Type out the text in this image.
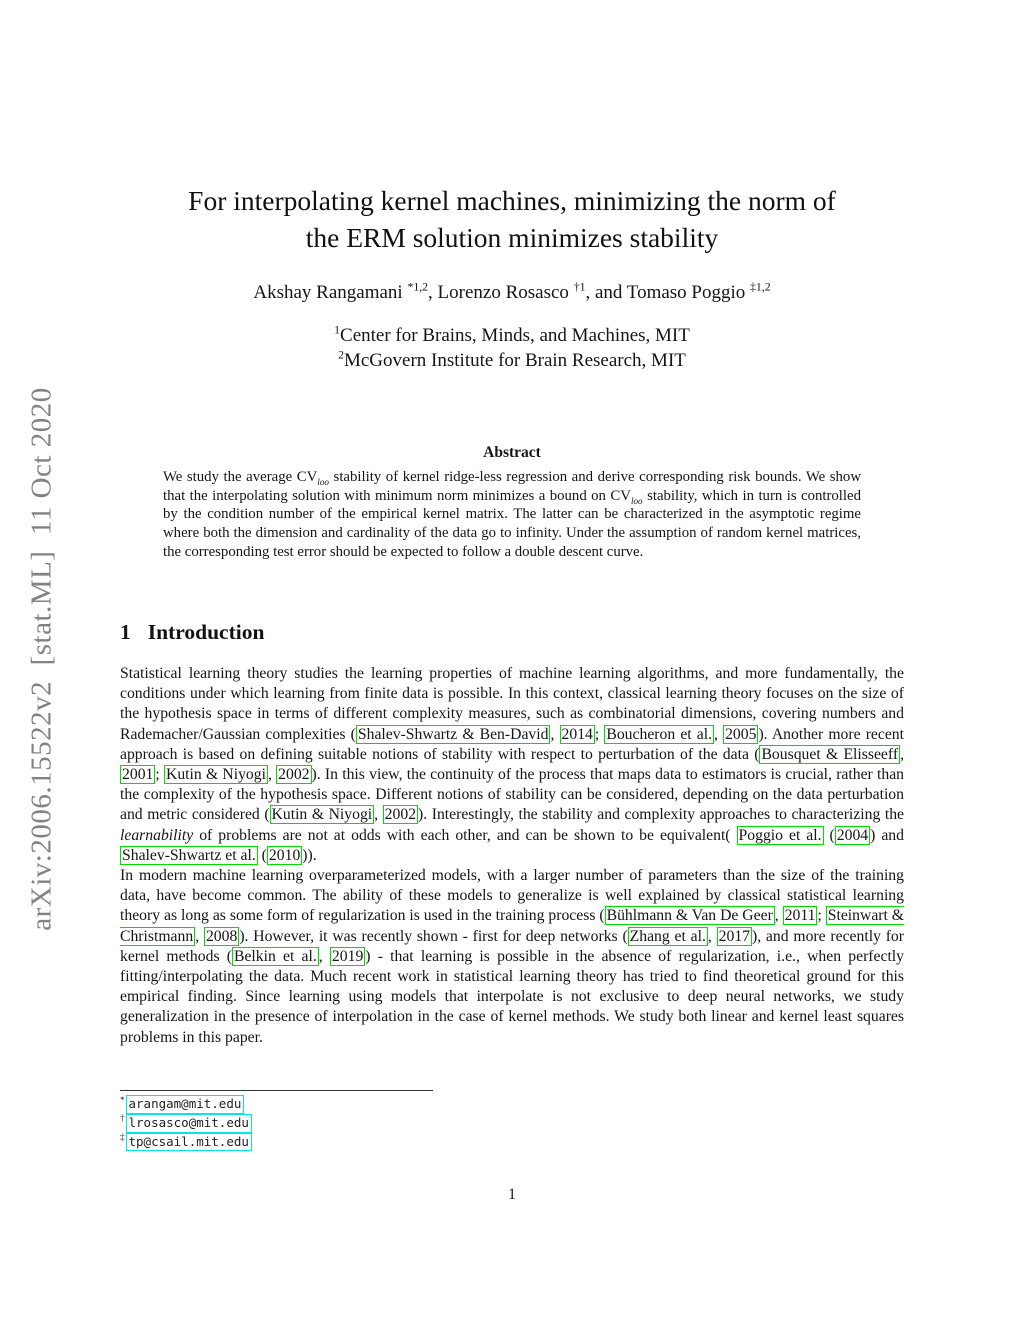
arXiv:2006.15522v2  [stat.ML]  11 Oct 2020
For interpolating kernel machines, minimizing the norm of
the ERM solution minimizes stability
Akshay Rangamani $^{*1,2}$, Lorenzo Rosasco $^{\dagger 1}$, and Tomaso Poggio $^{\ddagger 1,2}$
$^1$Center for Brains, Minds, and Machines, MIT
$^2$McGovern Institute for Brain Research, MIT
Abstract
We study the average $CV_{loo}$ stability of kernel ridge-less regression and derive corresponding risk bounds. We show that the interpolating solution with minimum norm minimizes a bound on $CV_{loo}$ stability, which in turn is controlled by the condition number of the empirical kernel matrix. The latter can be characterized in the asymptotic regime where both the dimension and cardinality of the data go to infinity. Under the assumption of random kernel matrices, the corresponding test error should be expected to follow a double descent curve.
1 Introduction

Statistical learning theory studies the learning properties of machine learning algorithms, and more fundamentally, the conditions under which learning from finite data is possible. In this context, classical learning theory focuses on the size of the hypothesis space in terms of different complexity measures, such as combinatorial dimensions, covering numbers and Rademacher/Gaussian complexities ( Shalev-Shwartz & Ben-David , 2014 ; Boucheron et al. , 2005 ). Another more recent approach is based on defining suitable notions of stability with respect to perturbation of the data ( Bousquet & Elisseeff , 2001 ; Kutin & Niyogi , 2002 ). In this view, the continuity of the process that maps data to estimators is crucial, rather than the complexity of the hypothesis space. Different notions of stability can be considered, depending on the data perturbation and metric considered ( Kutin & Niyogi , 2002 ). Interestingly, the stability and complexity approaches to characterizing the learnability of problems are not at odds with each other, and can be shown to be equivalent( Poggio et al. ( 2004 ) and Shalev-Shwartz et al. ( 2010 )).

In modern machine learning overparameterized models, with a larger number of parameters than the size of the training data, have become common. The ability of these models to generalize is well explained by classical statistical learning theory as long as some form of regularization is used in the training process ( Bühlmann & Van De Geer , 2011 ; Steinwart & Christmann , 2008 ). However, it was recently shown - first for deep networks ( Zhang et al. , 2017 ), and more recently for kernel methods ( Belkin et al. , 2019 ) - that learning is possible in the absence of regularization, i.e., when perfectly fitting/interpolating the data. Much recent work in statistical learning theory has tried to find theoretical ground for this empirical finding. Since learning using models that interpolate is not exclusive to deep neural networks, we study generalization in the presence of interpolation in the case of kernel methods. We study both linear and kernel least squares problems in this paper.

* arangam@mit.edu
† lrosasco@mit.edu
‡ tp@csail.mit.edu
1
